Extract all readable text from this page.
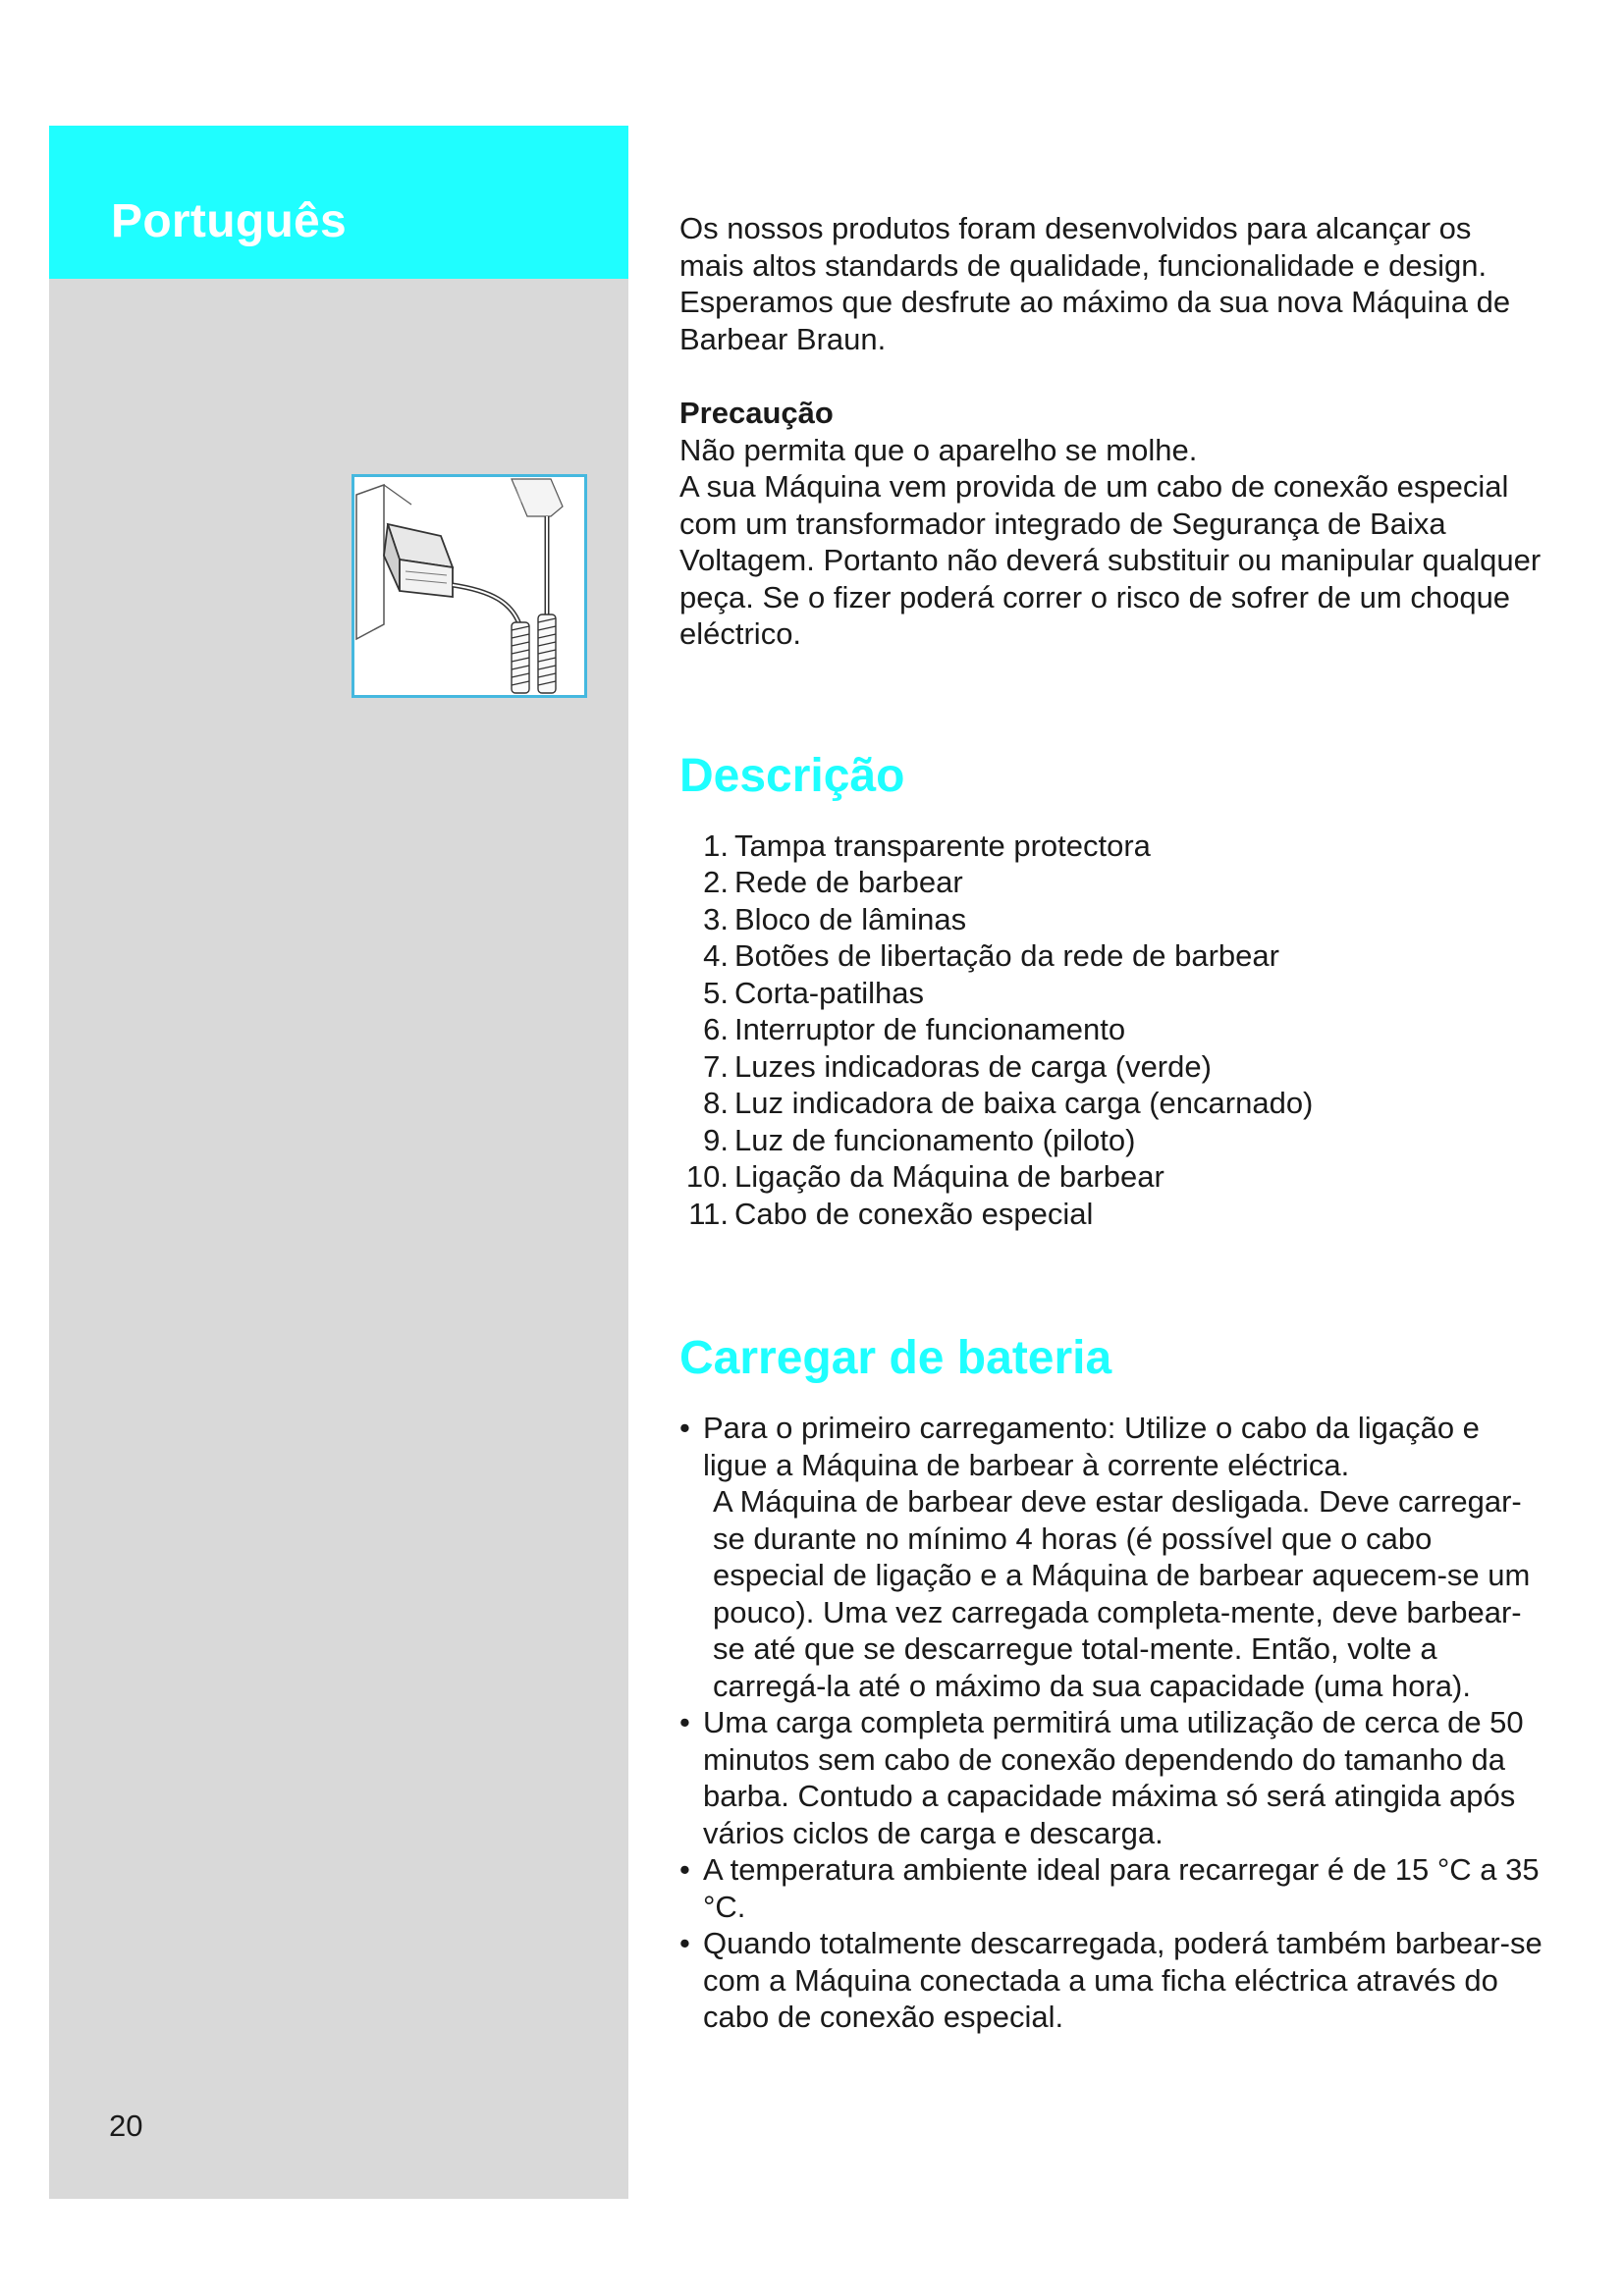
Português
20

Os nossos produtos foram desenvolvidos para alcançar os mais altos standards de qualidade, funcionalidade e design. Esperamos que desfrute ao máximo da sua nova Máquina de Barbear Braun.

Precaução

Não permita que o aparelho se molhe.

A sua Máquina vem provida de um cabo de conexão especial com um transformador integrado de Segurança de Baixa Voltagem. Portanto não deverá substituir ou manipular qualquer peça. Se o fizer poderá correr o risco de sofrer de um choque eléctrico.

Descrição
1. Tampa transparente protectora
2. Rede de barbear
3. Bloco de lâminas
4. Botões de libertação da rede de barbear
5. Corta-patilhas
6. Interruptor de funcionamento
7. Luzes indicadoras de carga (verde)
8. Luz indicadora de baixa carga (encarnado)
9. Luz de funcionamento (piloto)
10. Ligação da Máquina de barbear
11. Cabo de conexão especial
Carregar de bateria
• Para o primeiro carregamento: Utilize o cabo da ligação e ligue a Máquina de barbear à corrente eléctrica.
A Máquina de barbear deve estar desligada. Deve carregar-se durante no mínimo 4 horas (é possível que o cabo especial de ligação e a Máquina de barbear aquecem-se um pouco). Uma vez carregada completa-mente, deve barbear-se até que se descarregue total-mente. Então, volte a carregá-la até o máximo da sua capacidade (uma hora).
• Uma carga completa permitirá uma utilização de cerca de 50 minutos sem cabo de conexão dependendo do tamanho da barba. Contudo a capacidade máxima só será atingida após vários ciclos de carga e descarga.
• A temperatura ambiente ideal para recarregar é de 15 °C a 35 °C.
• Quando totalmente descarregada, poderá também barbear-se com a Máquina conectada a uma ficha eléctrica através do cabo de conexão especial.
